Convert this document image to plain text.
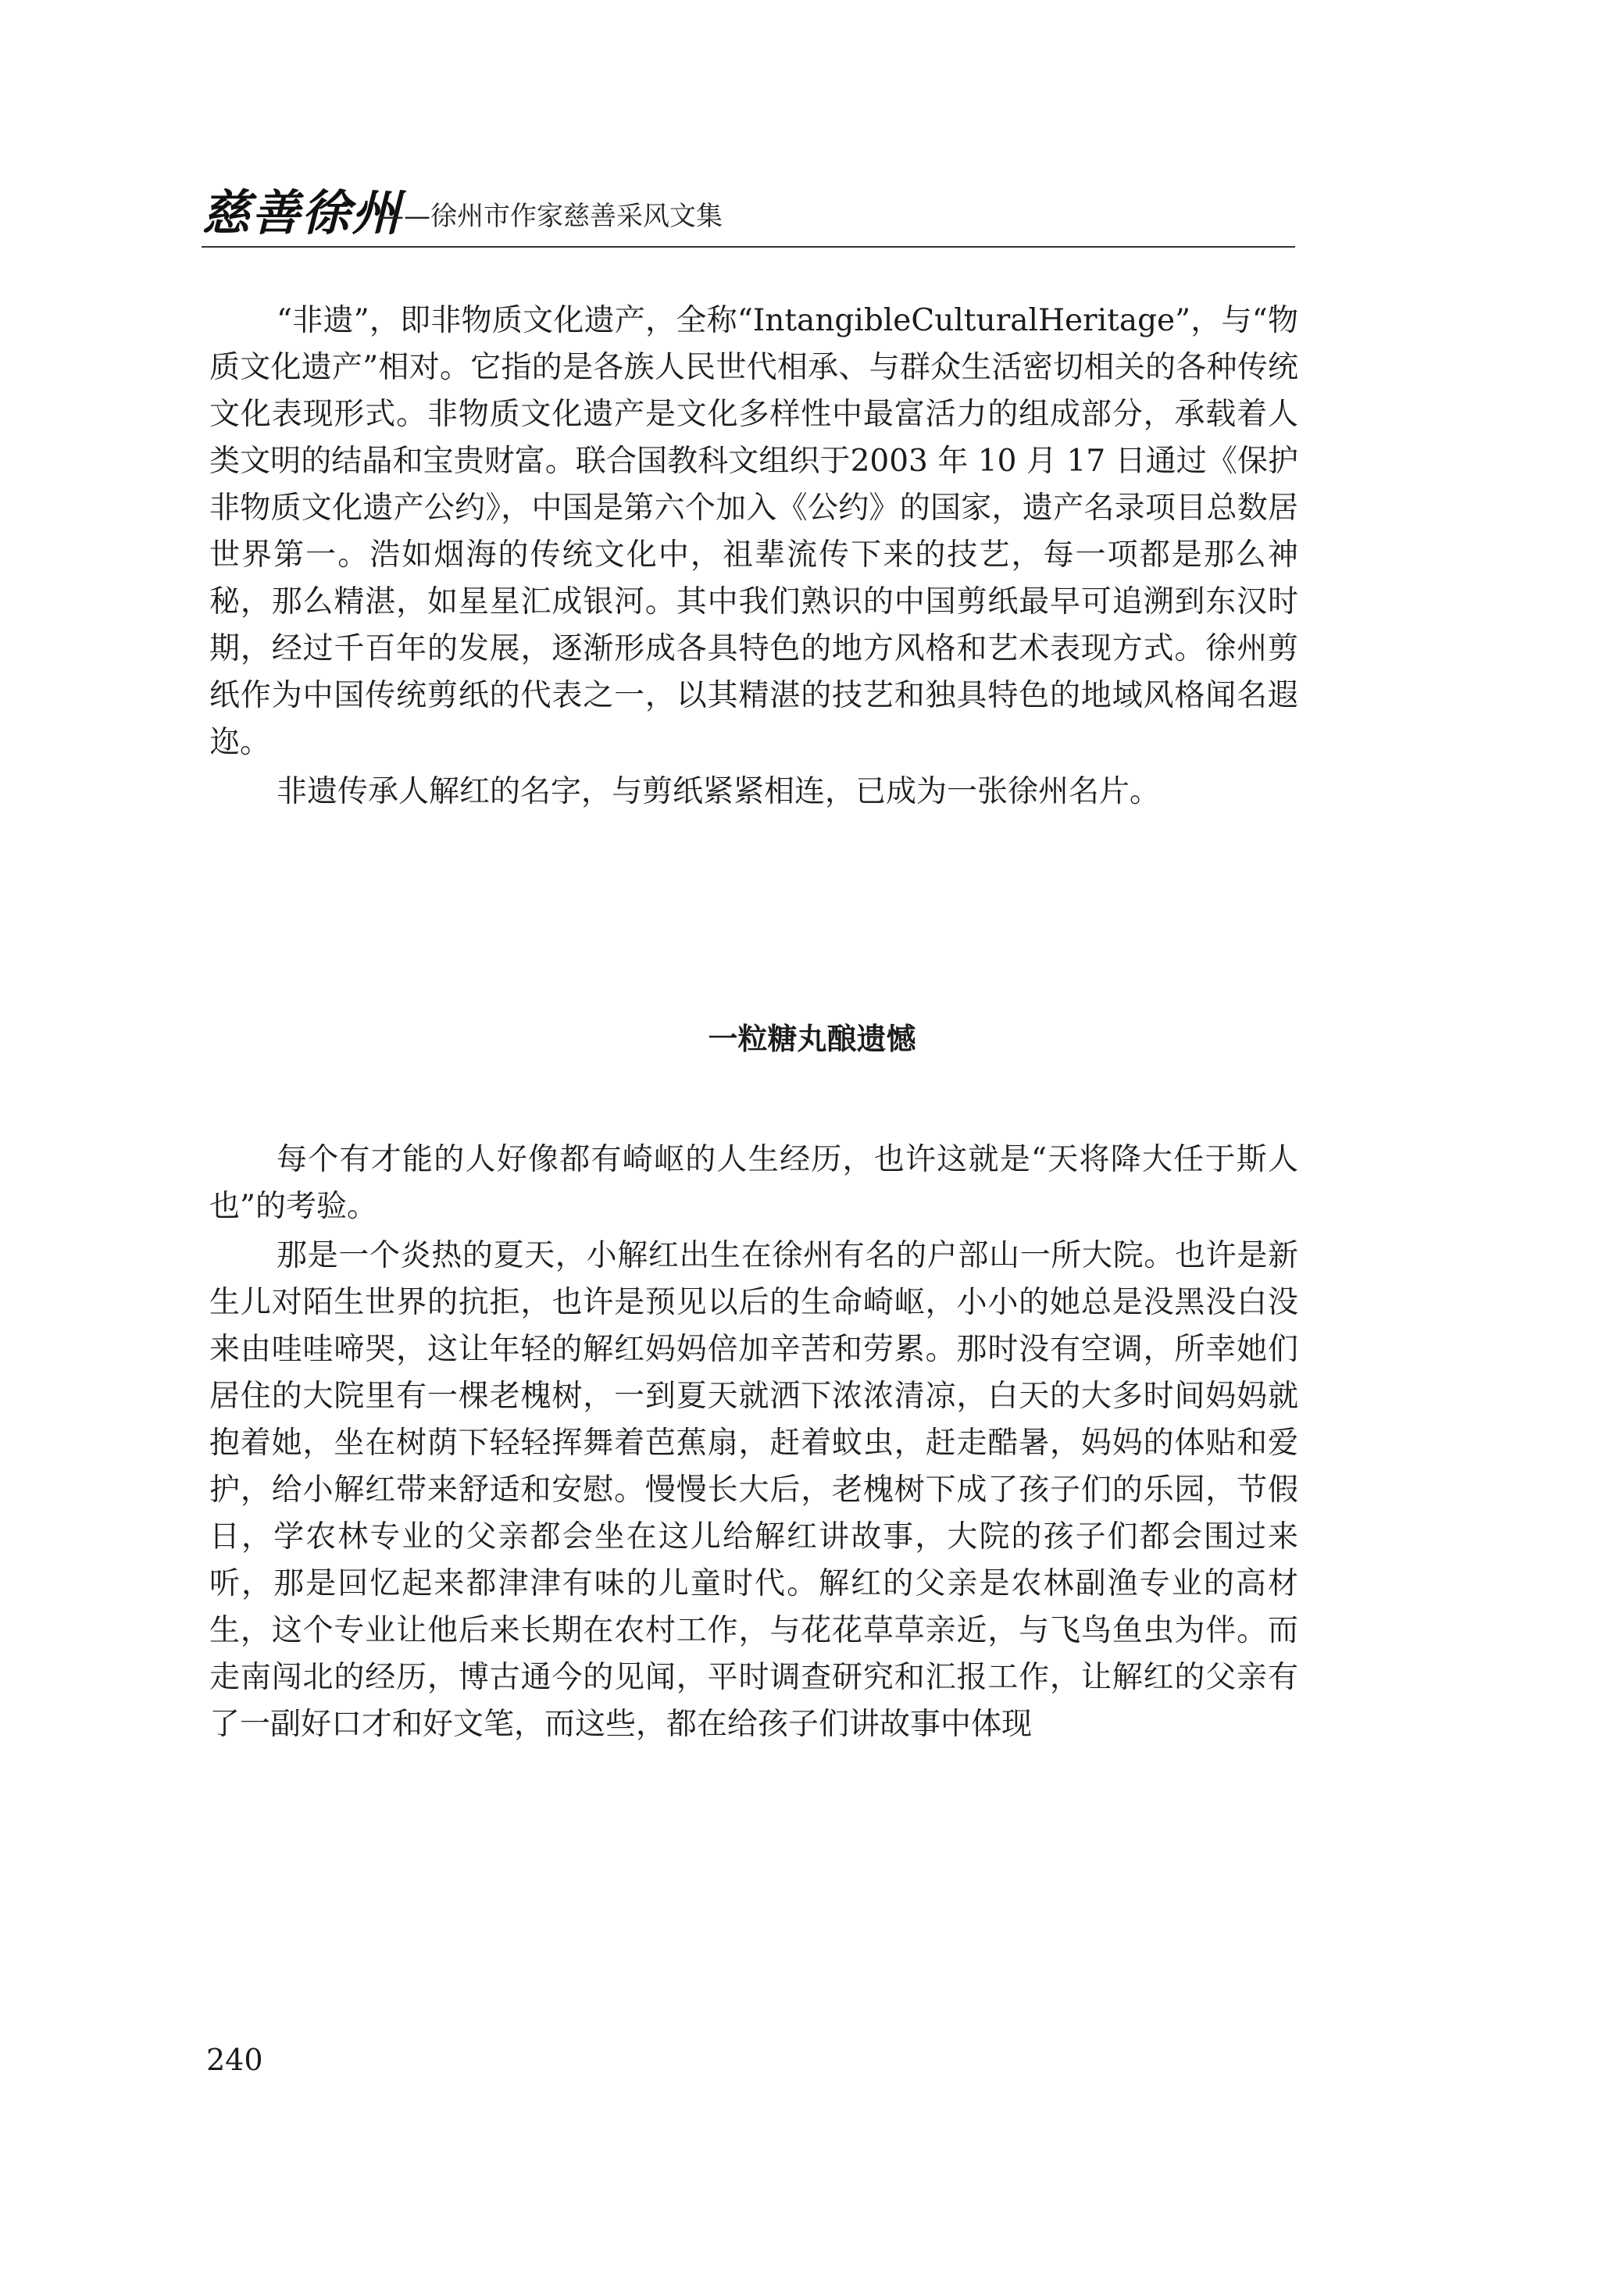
慈善徐州
——徐州市作家慈善采风文集

“非遗”，即非物质文化遗产，全称“IntangibleCulturalHeritage”，与“物质文化遗产”相对。它指的是各族人民世代相承、与群众生活密切相关的各种传统文化表现形式。非物质文化遗产是文化多样性中最富活力的组成部分，承载着人类文明的结晶和宝贵财富。联合国教科文组织于2003 年 10 月 17 日通过《保护非物质文化遗产公约》，中国是第六个加入《公约》的国家，遗产名录项目总数居世界第一。浩如烟海的传统文化中，祖辈流传下来的技艺，每一项都是那么神秘，那么精湛，如星星汇成银河。其中我们熟识的中国剪纸最早可追溯到东汉时期，经过千百年的发展，逐渐形成各具特色的地方风格和艺术表现方式。徐州剪纸作为中国传统剪纸的代表之一，以其精湛的技艺和独具特色的地域风格闻名遐迩。

非遗传承人解红的名字，与剪纸紧紧相连，已成为一张徐州名片。

一粒糖丸酿遗憾

每个有才能的人好像都有崎岖的人生经历，也许这就是“天将降大任于斯人也”的考验。

那是一个炎热的夏天，小解红出生在徐州有名的户部山一所大院。也许是新生儿对陌生世界的抗拒，也许是预见以后的生命崎岖，小小的她总是没黑没白没来由哇哇啼哭，这让年轻的解红妈妈倍加辛苦和劳累。那时没有空调，所幸她们居住的大院里有一棵老槐树，一到夏天就洒下浓浓清凉，白天的大多时间妈妈就抱着她，坐在树荫下轻轻挥舞着芭蕉扇，赶着蚊虫，赶走酷暑，妈妈的体贴和爱护，给小解红带来舒适和安慰。慢慢长大后，老槐树下成了孩子们的乐园，节假日，学农林专业的父亲都会坐在这儿给解红讲故事，大院的孩子们都会围过来听，那是回忆起来都津津有味的儿童时代。解红的父亲是农林副渔专业的高材生，这个专业让他后来长期在农村工作，与花花草草亲近，与飞鸟鱼虫为伴。而走南闯北的经历，博古通今的见闻，平时调查研究和汇报工作，让解红的父亲有了一副好口才和好文笔，而这些，都在给孩子们讲故事中体现

240
